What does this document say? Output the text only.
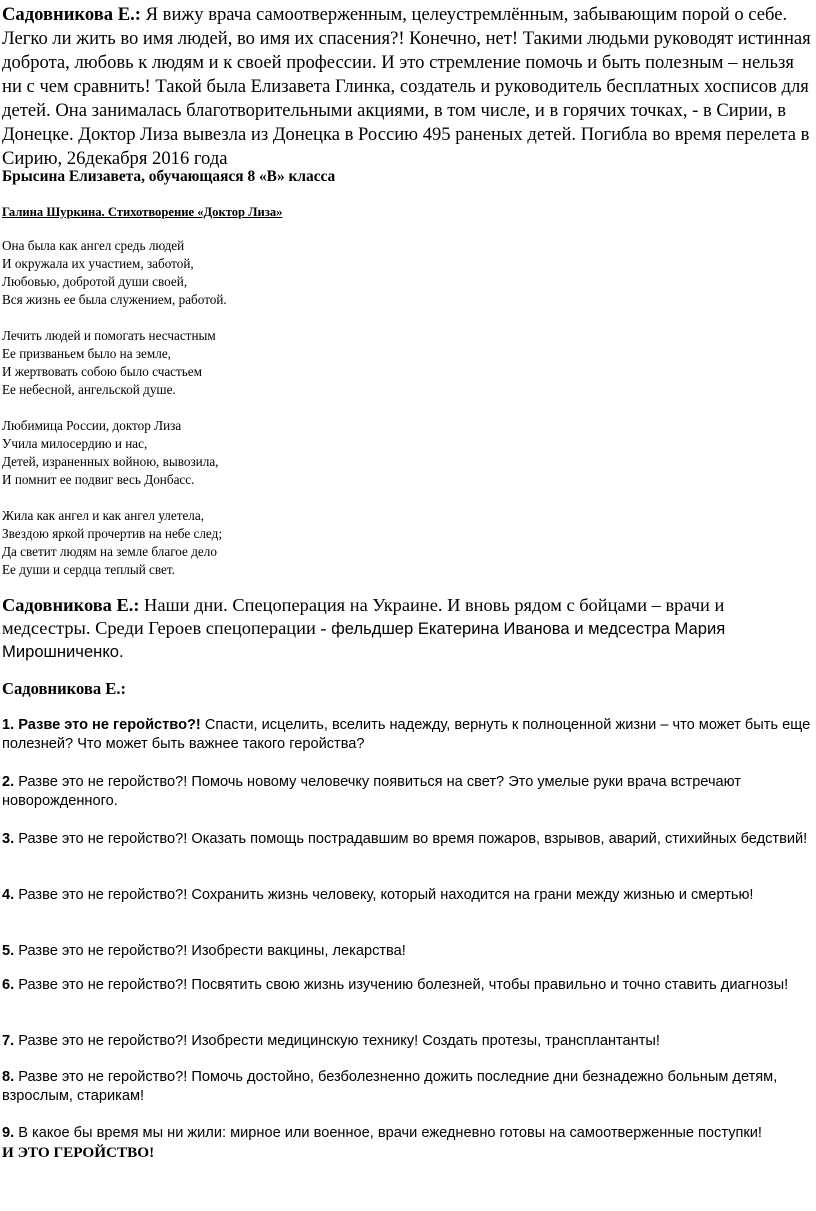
Садовникова Е.: Я вижу врача самоотверженным, целеустремлённым, забывающим порой о себе. Легко ли жить во имя людей, во имя их спасения?! Конечно, нет! Такими людьми руководят истинная доброта, любовь к людям и к своей профессии. И это стремление помочь и быть полезным – нельзя ни с чем сравнить! Такой была Елизавета Глинка, создатель и руководитель бесплатных хосписов для детей. Она занималась благотворительными акциями, в том числе, и в горячих точках, - в Сирии, в Донецке. Доктор Лиза вывезла из Донецка в Россию 495 раненых детей. Погибла во время перелета в Сирию, 26декабря 2016 года

Брысина Елизавета, обучающаяся 8 «В» класса

Галина Шуркина. Стихотворение «Доктор Лиза»

Она была как ангел средь людей
И окружала их участием, заботой,
Любовью, добротой души своей,
Вся жизнь ее была служением, работой.
Лечить людей и помогать несчастным
Ее призваньем было на земле,
И жертвовать собою было счастьем
Ее небесной, ангельской душе.
Любимица России, доктор Лиза
Учила милосердию и нас,
Детей, израненных войною, вывозила,
И помнит ее подвиг весь Донбасс.
Жила как ангел и как ангел улетела,
Звездою яркой прочертив на небе след;
Да светит людям на земле благое дело
Ее души и сердца теплый свет.

Садовникова Е.: Наши дни. Спецоперация на Украине. И вновь рядом с бойцами – врачи и медсестры. Среди Героев спецоперации - фельдшер Екатерина Иванова и медсестра Мария Мирошниченко.

Садовникова Е.:

1. Разве это не геройство?! Спасти, исцелить, вселить надежду, вернуть к полноценной жизни – что может быть еще полезней? Что может быть важнее такого геройства?

2. Разве это не геройство?! Помочь новому человечку появиться на свет? Это умелые руки врача встречают новорожденного.

3. Разве это не геройство?! Оказать помощь пострадавшим во время пожаров, взрывов, аварий, стихийных бедствий!

4. Разве это не геройство?! Сохранить жизнь человеку, который находится на грани между жизнью и смертью!

5. Разве это не геройство?! Изобрести вакцины, лекарства!

6. Разве это не геройство?! Посвятить свою жизнь изучению болезней, чтобы правильно и точно ставить диагнозы!

7. Разве это не геройство?! Изобрести медицинскую технику! Создать протезы, трансплантанты!

8. Разве это не геройство?! Помочь достойно, безболезненно дожить последние дни безнадежно больным детям, взрослым, старикам!

9. В какое бы время мы ни жили: мирное или военное, врачи ежедневно готовы на самоотверженные поступки!
И ЭТО ГЕРОЙСТВО!
